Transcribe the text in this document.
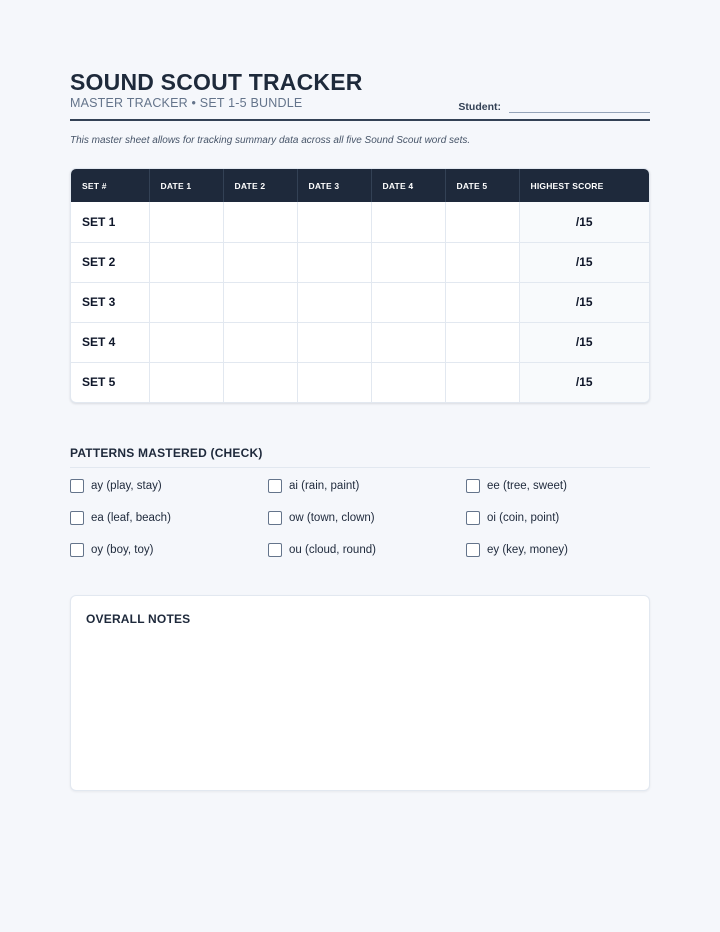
SOUND SCOUT TRACKER
MASTER TRACKER • SET 1-5 BUNDLE	Student:
This master sheet allows for tracking summary data across all five Sound Scout word sets.
SET #	DATE 1	DATE 2	DATE 3	DATE 4	DATE 5	HIGHEST SCORE
SET 1						/15
SET 2						/15
SET 3						/15
SET 4						/15
SET 5						/15
PATTERNS MASTERED (CHECK)
ay (play, stay)	ai (rain, paint)	ee (tree, sweet)
ea (leaf, beach)	ow (town, clown)	oi (coin, point)
oy (boy, toy)	ou (cloud, round)	ey (key, money)
OVERALL NOTES
